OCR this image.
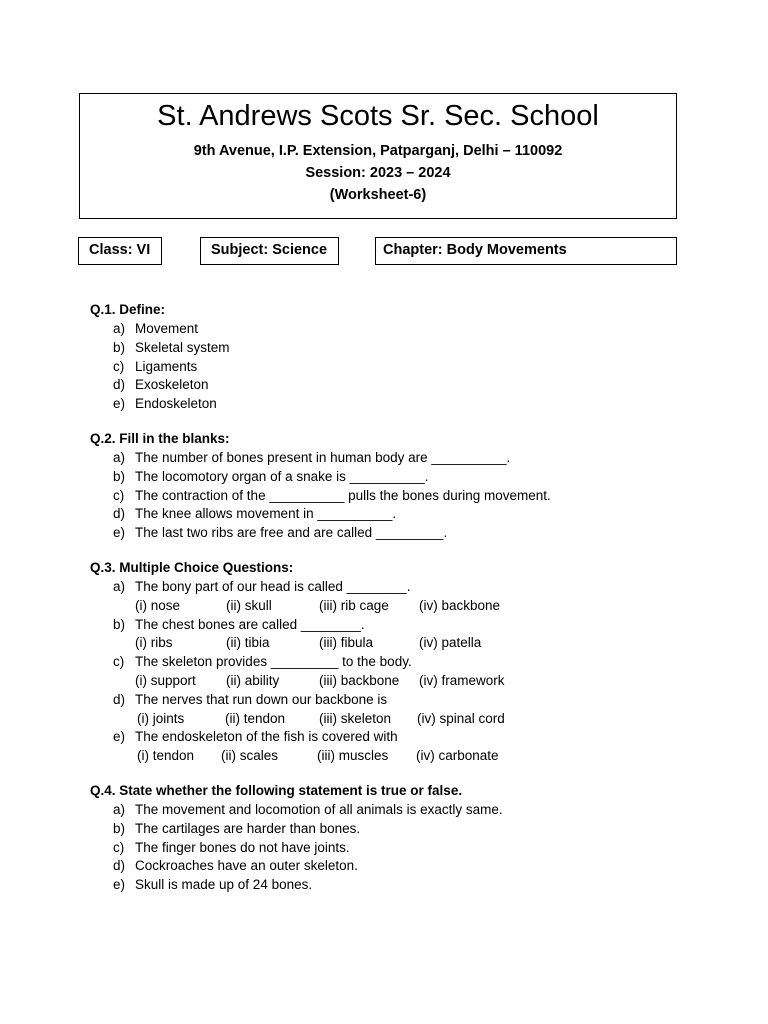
St. Andrews Scots Sr. Sec. School
9th Avenue, I.P. Extension, Patparganj, Delhi – 110092
Session: 2023 – 2024
(Worksheet-6)
Class: VI	Subject: Science	Chapter: Body Movements
Q.1. Define:
a) Movement
b) Skeletal system
c) Ligaments
d) Exoskeleton
e) Endoskeleton
Q.2. Fill in the blanks:
a) The number of bones present in human body are __________.
b) The locomotory organ of a snake is __________.
c) The contraction of the __________ pulls the bones during movement.
d) The knee allows movement in __________.
e) The last two ribs are free and are called _________.
Q.3. Multiple Choice Questions:
a) The bony part of our head is called ________.
(i) nose	(ii) skull	(iii) rib cage (iv) backbone
b) The chest bones are called ________.
(i) ribs	(ii) tibia	(iii) fibula	(iv) patella
c) The skeleton provides _________ to the body.
(i) support (ii) ability	(iii) backbone (iv) framework
d) The nerves that run down our backbone is
(i) joints	(ii) tendon	(iii) skeleton (iv) spinal cord
e) The endoskeleton of the fish is covered with
(i) tendon (ii) scales	(iii) muscles (iv) carbonate
Q.4. State whether the following statement is true or false.
a) The movement and locomotion of all animals is exactly same.
b) The cartilages are harder than bones.
c) The finger bones do not have joints.
d) Cockroaches have an outer skeleton.
e) Skull is made up of 24 bones.
